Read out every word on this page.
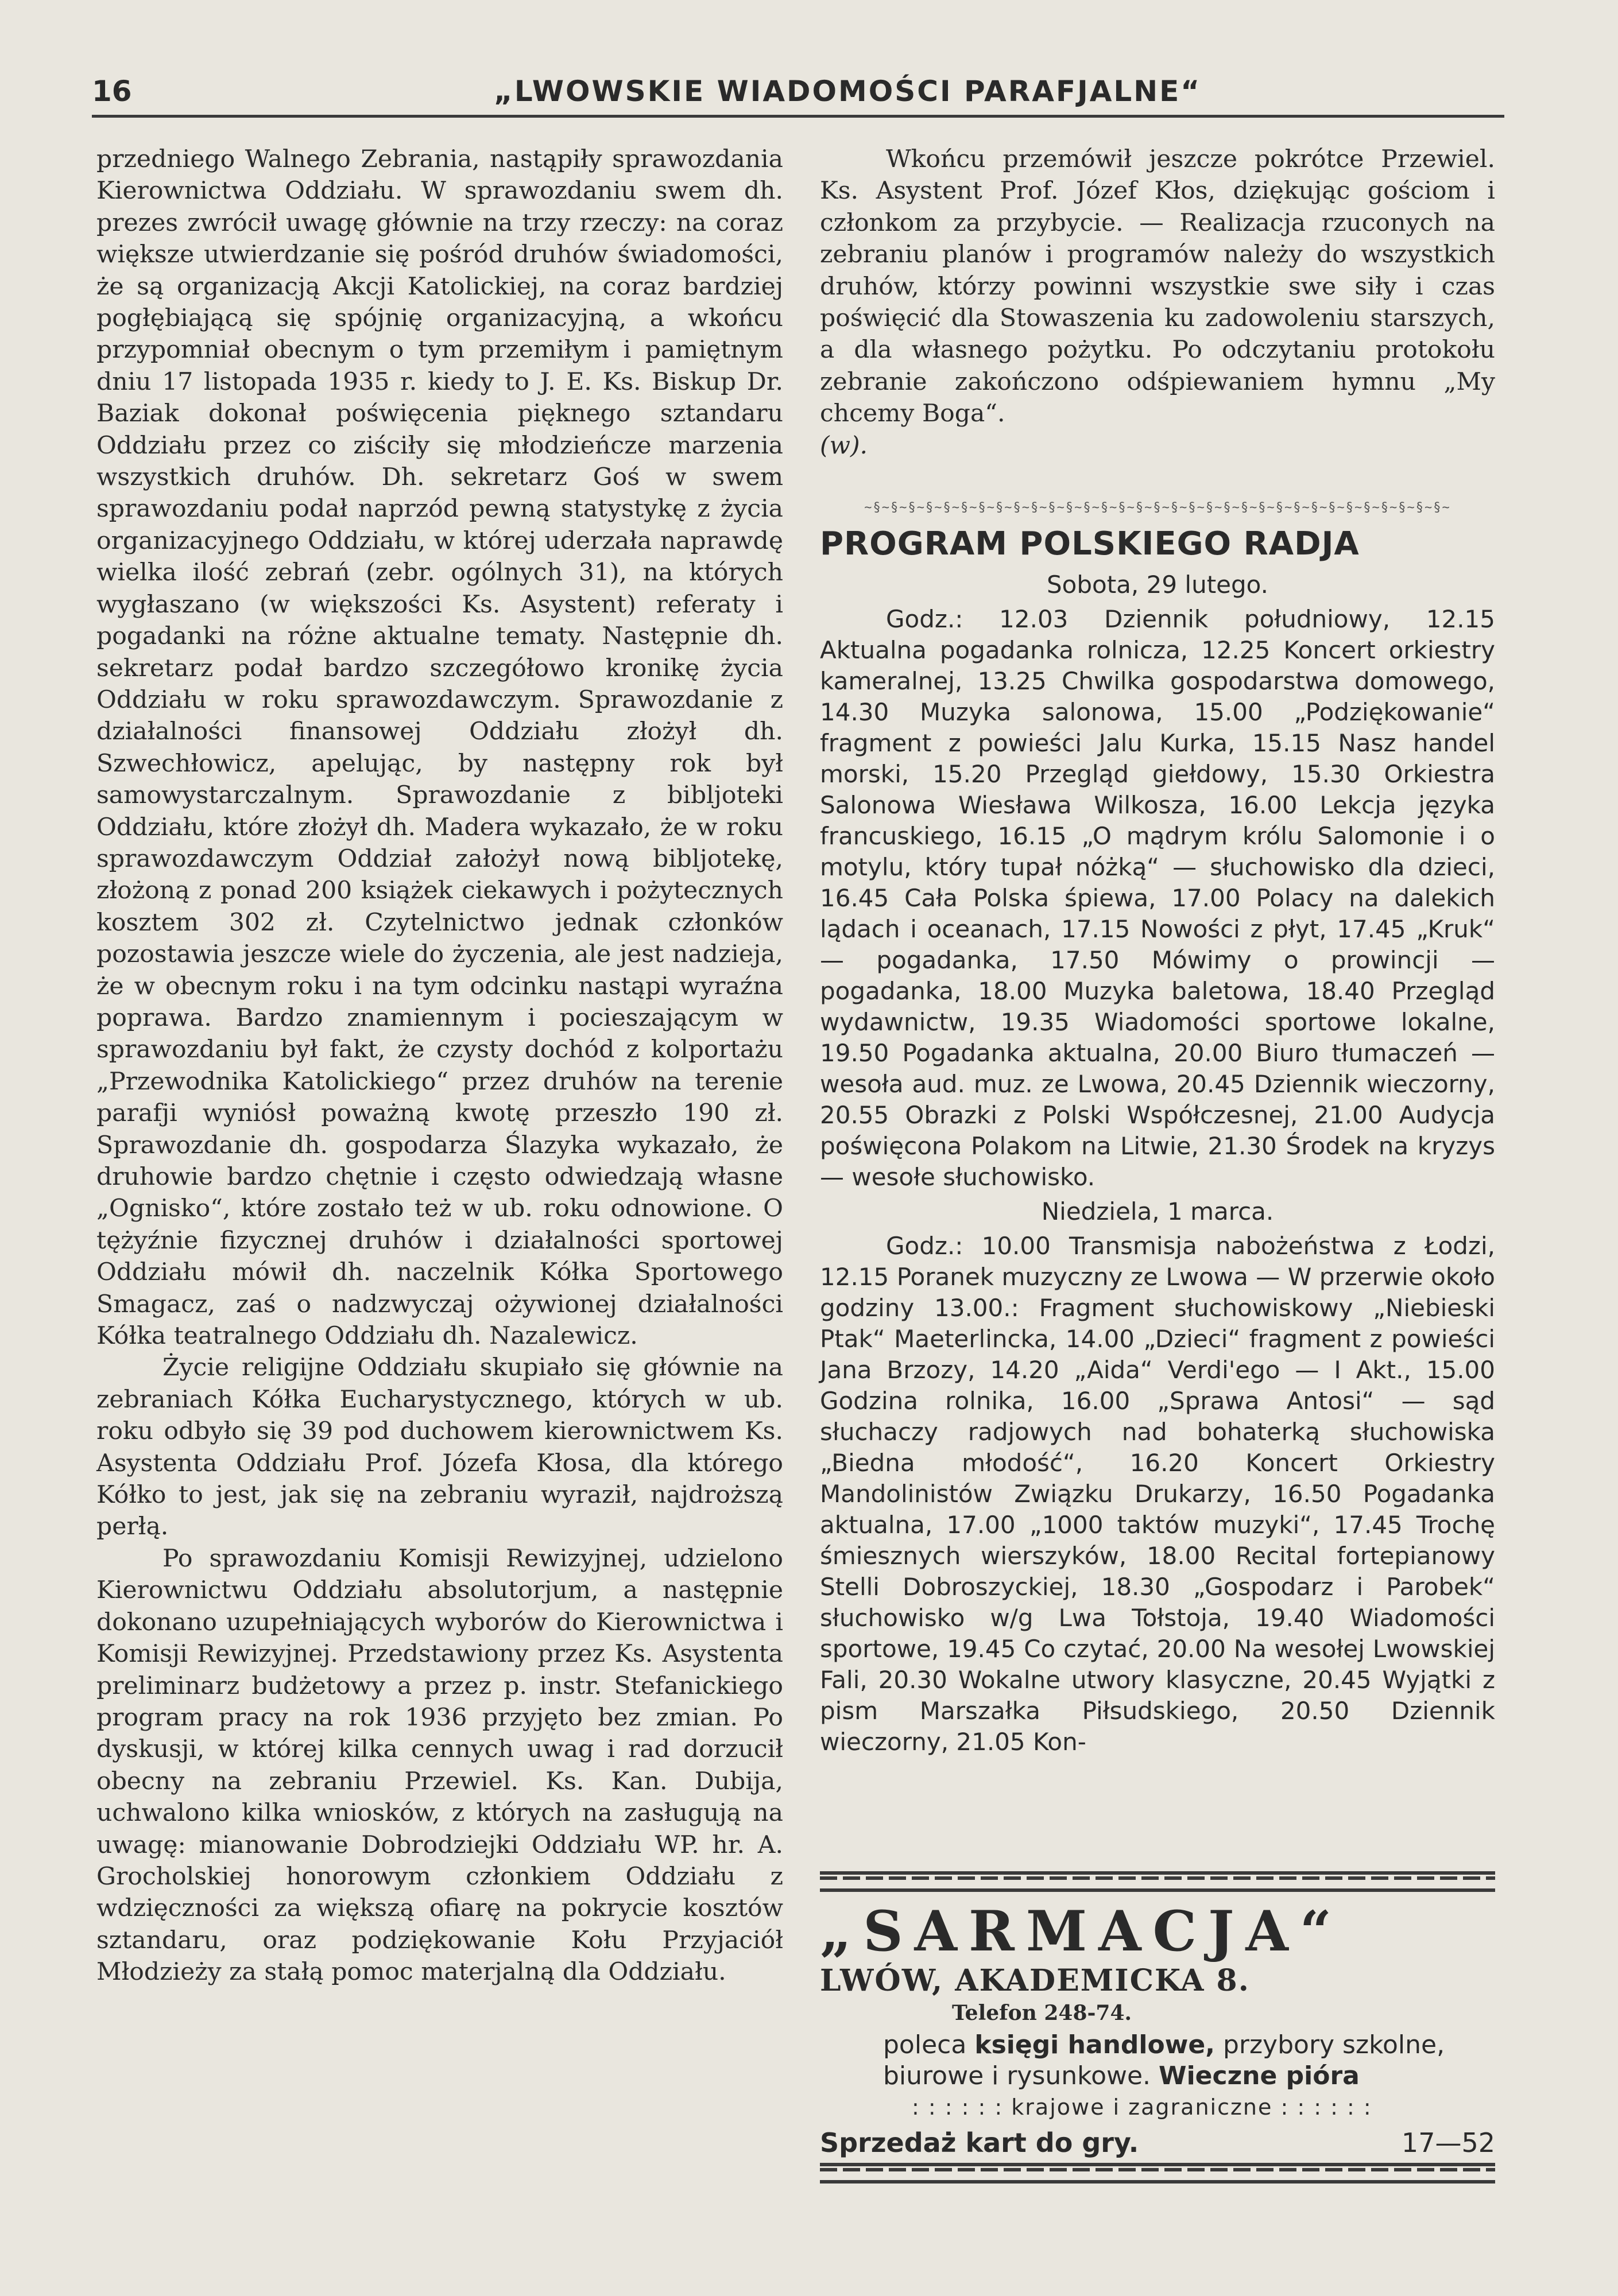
16	„LWOWSKIE WIADOMOŚCI PARAFJALNE“

przedniego Walnego Zebrania, nastąpiły sprawozdania Kierownictwa Oddziału. W sprawozdaniu swem dh. prezes zwrócił uwagę głównie na trzy rzeczy: na coraz większe utwierdzanie się pośród druhów świadomości, że są organizacją Akcji Katolickiej, na coraz bardziej pogłębiającą się spójnię organizacyjną, a wkońcu przypomniał obecnym o tym przemiłym i pamiętnym dniu 17 listopada 1935 r. kiedy to J. E. Ks. Biskup Dr. Baziak dokonał poświęcenia pięknego sztandaru Oddziału przez co ziściły się młodzieńcze marzenia wszystkich druhów. Dh. sekretarz Goś w swem sprawozdaniu podał naprzód pewną statystykę z życia organizacyjnego Oddziału, w której uderzała naprawdę wielka ilość zebrań (zebr. ogólnych 31), na których wygłaszano (w większości Ks. Asystent) referaty i pogadanki na różne aktualne tematy. Następnie dh. sekretarz podał bardzo szczegółowo kronikę życia Oddziału w roku sprawozdawczym. Sprawozdanie z działalności finansowej Oddziału złożył dh. Szwechłowicz, apelując, by następny rok był samowystarczalnym. Sprawozdanie z bibljoteki Oddziału, które złożył dh. Madera wykazało, że w roku sprawozdawczym Oddział założył nową bibljotekę, złożoną z ponad 200 książek ciekawych i pożytecznych kosztem 302 zł. Czytelnictwo jednak członków pozostawia jeszcze wiele do życzenia, ale jest nadzieja, że w obecnym roku i na tym odcinku nastąpi wyraźna poprawa. Bardzo znamiennym i pocieszającym w sprawozdaniu był fakt, że czysty dochód z kolportażu „Przewodnika Katolickiego“ przez druhów na terenie parafji wyniósł poważną kwotę przeszło 190 zł. Sprawozdanie dh. gospodarza Ślazyka wykazało, że druhowie bardzo chętnie i często odwiedzają własne „Ognisko“, które zostało też w ub. roku odnowione. O tężyźnie fizycznej druhów i działalności sportowej Oddziału mówił dh. naczelnik Kółka Sportowego Smagacz, zaś o nadzwyczaj ożywionej działalności Kółka teatralnego Oddziału dh. Nazalewicz.

Życie religijne Oddziału skupiało się głównie na zebraniach Kółka Eucharystycznego, których w ub. roku odbyło się 39 pod duchowem kierownictwem Ks. Asystenta Oddziału Prof. Józefa Kłosa, dla którego Kółko to jest, jak się na zebraniu wyraził, najdroższą perłą.

Po sprawozdaniu Komisji Rewizyjnej, udzielono Kierownictwu Oddziału absolutorjum, a następnie dokonano uzupełniających wyborów do Kierownictwa i Komisji Rewizyjnej. Przedstawiony przez Ks. Asystenta preliminarz budżetowy a przez p. instr. Stefanickiego program pracy na rok 1936 przyjęto bez zmian. Po dyskusji, w której kilka cennych uwag i rad dorzucił obecny na zebraniu Przewiel. Ks. Kan. Dubija, uchwalono kilka wniosków, z których na zasługują na uwagę: mianowanie Dobrodziejki Oddziału WP. hr. A. Grocholskiej honorowym członkiem Oddziału z wdzięczności za większą ofiarę na pokrycie kosztów sztandaru, oraz podziękowanie Kołu Przyjaciół Młodzieży za stałą pomoc materjalną dla Oddziału.

Wkońcu przemówił jeszcze pokrótce Przewiel. Ks. Asystent Prof. Józef Kłos, dziękując gościom i członkom za przybycie. — Realizacja rzuconych na zebraniu planów i programów należy do wszystkich druhów, którzy powinni wszystkie swe siły i czas poświęcić dla Stowaszenia ku zadowoleniu starszych, a dla własnego pożytku. Po odczytaniu protokołu zebranie zakończono odśpiewaniem hymnu „My chcemy Boga“.

(w).

~§~§~§~§~§~§~§~§~§~§~§~§~§~§~§~§~§~§~§~§~§~§~§~§~§~§~§~§~§~§~§~§~§~
PROGRAM POLSKIEGO RADJA

Sobota, 29 lutego.

Godz.: 12.03 Dziennik południowy, 12.15 Aktualna pogadanka rolnicza, 12.25 Koncert orkiestry kameralnej, 13.25 Chwilka gospodarstwa domowego, 14.30 Muzyka salonowa, 15.00 „Podziękowanie“ fragment z powieści Jalu Kurka, 15.15 Nasz handel morski, 15.20 Przegląd giełdowy, 15.30 Orkiestra Salonowa Wiesława Wilkosza, 16.00 Lekcja języka francuskiego, 16.15 „O mądrym królu Salomonie i o motylu, który tupał nóżką“ — słuchowisko dla dzieci, 16.45 Cała Polska śpiewa, 17.00 Polacy na dalekich lądach i oceanach, 17.15 Nowości z płyt, 17.45 „Kruk“ — pogadanka, 17.50 Mówimy o prowincji — pogadanka, 18.00 Muzyka baletowa, 18.40 Przegląd wydawnictw, 19.35 Wiadomości sportowe lokalne, 19.50 Pogadanka aktualna, 20.00 Biuro tłumaczeń — wesoła aud. muz. ze Lwowa, 20.45 Dziennik wieczorny, 20.55 Obrazki z Polski Współczesnej, 21.00 Audycja poświęcona Polakom na Litwie, 21.30 Środek na kryzys — wesołe słuchowisko.

Niedziela, 1 marca.

Godz.: 10.00 Transmisja nabożeństwa z Łodzi, 12.15 Poranek muzyczny ze Lwowa — W przerwie około godziny 13.00.: Fragment słuchowiskowy „Niebieski Ptak“ Maeterlincka, 14.00 „Dzieci“ fragment z powieści Jana Brzozy, 14.20 „Aida“ Verdi'ego — I Akt., 15.00 Godzina rolnika, 16.00 „Sprawa Antosi“ — sąd słuchaczy radjowych nad bohaterką słuchowiska „Biedna młodość“, 16.20 Koncert Orkiestry Mandolinistów Związku Drukarzy, 16.50 Pogadanka aktualna, 17.00 „1000 taktów muzyki“, 17.45 Trochę śmiesznych wierszyków, 18.00 Recital fortepianowy Stelli Dobroszyckiej, 18.30 „Gospodarz i Parobek“ słuchowisko w/g Lwa Tołstoja, 19.40 Wiadomości sportowe, 19.45 Co czytać, 20.00 Na wesołej Lwowskiej Fali, 20.30 Wokalne utwory klasyczne, 20.45 Wyjątki z pism Marszałka Piłsudskiego, 20.50 Dziennik wieczorny, 21.05 Kon-

„SARMACJA“
LWÓW, AKADEMICKA 8.
Telefon 248-74.
poleca księgi handlowe, przybory szkolne, biurowe i rysunkowe. Wieczne pióra
: : : : : : krajowe i zagraniczne : : : : : :
Sprzedaż kart do gry.	17—52
